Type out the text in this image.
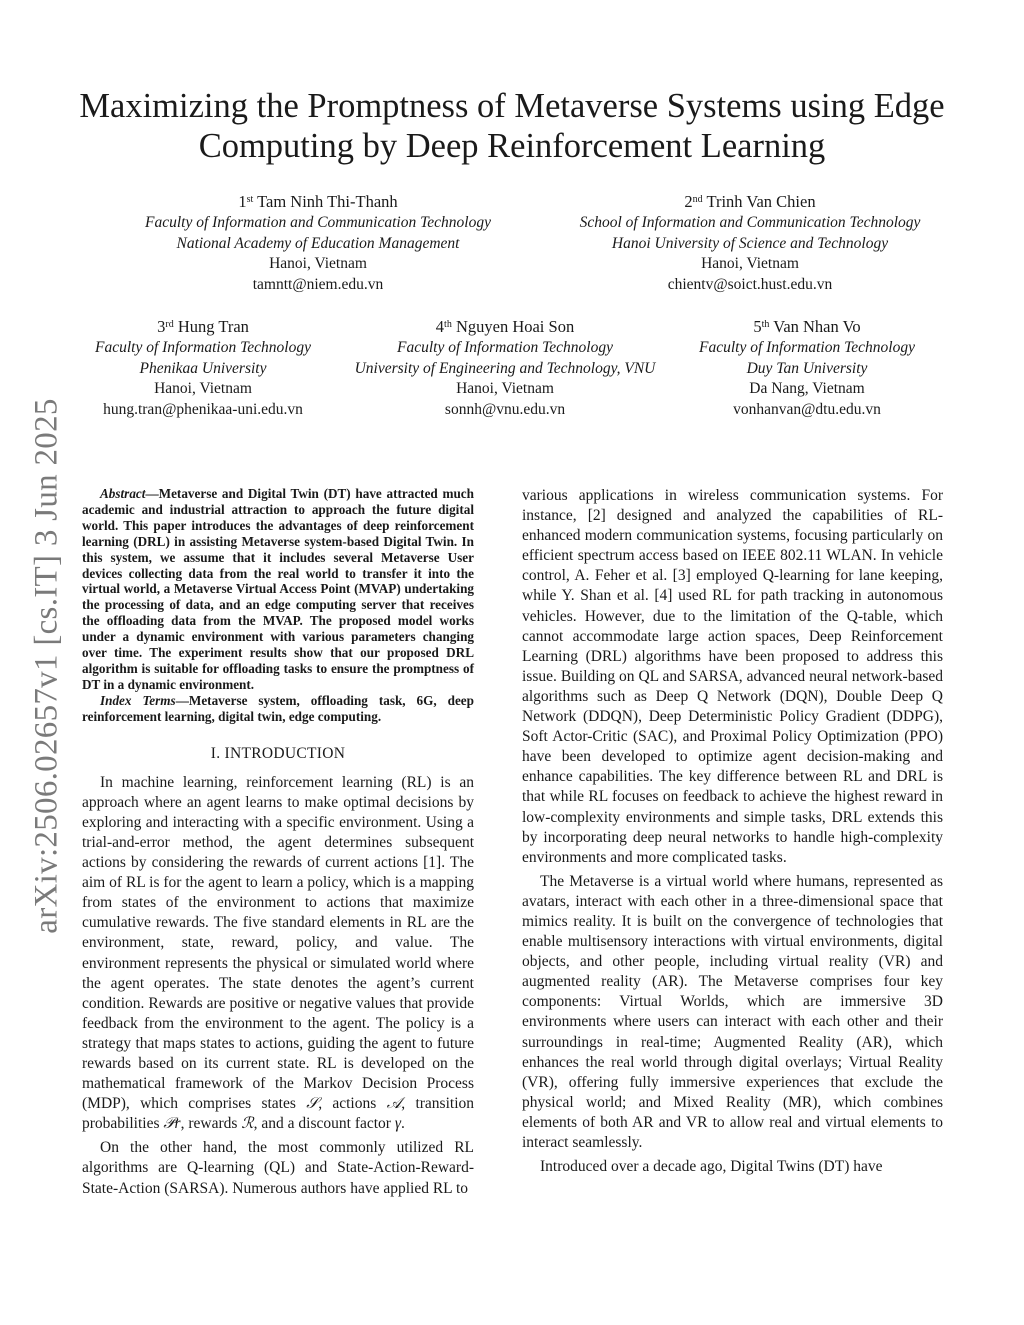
Maximizing the Promptness of Metaverse Systems using Edge Computing by Deep Reinforcement Learning
1st Tam Ninh Thi-Thanh
Faculty of Information and Communication Technology
National Academy of Education Management
Hanoi, Vietnam
tamntt@niem.edu.vn
2nd Trinh Van Chien
School of Information and Communication Technology
Hanoi University of Science and Technology
Hanoi, Vietnam
chientv@soict.hust.edu.vn
3rd Hung Tran
Faculty of Information Technology
Phenikaa University
Hanoi, Vietnam
hung.tran@phenikaa-uni.edu.vn
4th Nguyen Hoai Son
Faculty of Information Technology
University of Engineering and Technology, VNU
Hanoi, Vietnam
sonnh@vnu.edu.vn
5th Van Nhan Vo
Faculty of Information Technology
Duy Tan University
Da Nang, Vietnam
vonhanvan@dtu.edu.vn
arXiv:2506.02657v1 [cs.IT] 3 Jun 2025	Abstract—Metaverse and Digital Twin (DT) have attracted much academic and industrial attraction to approach the future digital world. This paper introduces the advantages of deep reinforcement learning (DRL) in assisting Metaverse system-based Digital Twin. In this system, we assume that it includes several Metaverse User devices collecting data from the real world to transfer it into the virtual world, a Metaverse Virtual Access Point (MVAP) undertaking the processing of data, and an edge computing server that receives the offloading data from the MVAP. The proposed model works under a dynamic environment with various parameters changing over time. The experiment results show that our proposed DRL algorithm is suitable for offloading tasks to ensure the promptness of DT in a dynamic environment.

Index Terms—Metaverse system, offloading task, 6G, deep reinforcement learning, digital twin, edge computing.

I. INTRODUCTION

In machine learning, reinforcement learning (RL) is an approach where an agent learns to make optimal decisions by exploring and interacting with a specific environment. Using a trial-and-error method, the agent determines subsequent actions by considering the rewards of current actions [1]. The aim of RL is for the agent to learn a policy, which is a mapping from states of the environment to actions that maximize cumulative rewards. The five standard elements in RL are the environment, state, reward, policy, and value. The environment represents the physical or simulated world where the agent operates. The state denotes the agent’s current condition. Rewards are positive or negative values that provide feedback from the environment to the agent. The policy is a strategy that maps states to actions, guiding the agent to future rewards based on its current state. RL is developed on the mathematical framework of the Markov Decision Process (MDP), which comprises states 𝒮, actions 𝒜, transition probabilities 𝒫r, rewards ℛ, and a discount factor γ.

On the other hand, the most commonly utilized RL algorithms are Q-learning (QL) and State-Action-Reward-State-Action (SARSA). Numerous authors have applied RL to

various applications in wireless communication systems. For instance, [2] designed and analyzed the capabilities of RL-enhanced modern communication systems, focusing particularly on efficient spectrum access based on IEEE 802.11 WLAN. In vehicle control, A. Feher et al. [3] employed Q-learning for lane keeping, while Y. Shan et al. [4] used RL for path tracking in autonomous vehicles. However, due to the limitation of the Q-table, which cannot accommodate large action spaces, Deep Reinforcement Learning (DRL) algorithms have been proposed to address this issue. Building on QL and SARSA, advanced neural network-based algorithms such as Deep Q Network (DQN), Double Deep Q Network (DDQN), Deep Deterministic Policy Gradient (DDPG), Soft Actor-Critic (SAC), and Proximal Policy Optimization (PPO) have been developed to optimize agent decision-making and enhance capabilities. The key difference between RL and DRL is that while RL focuses on feedback to achieve the highest reward in low-complexity environments and simple tasks, DRL extends this by incorporating deep neural networks to handle high-complexity environments and more complicated tasks.

The Metaverse is a virtual world where humans, represented as avatars, interact with each other in a three-dimensional space that mimics reality. It is built on the convergence of technologies that enable multisensory interactions with virtual environments, digital objects, and other people, including virtual reality (VR) and augmented reality (AR). The Metaverse comprises four key components: Virtual Worlds, which are immersive 3D environments where users can interact with each other and their surroundings in real-time; Augmented Reality (AR), which enhances the real world through digital overlays; Virtual Reality (VR), offering fully immersive experiences that exclude the physical world; and Mixed Reality (MR), which combines elements of both AR and VR to allow real and virtual elements to interact seamlessly.

Introduced over a decade ago, Digital Twins (DT) have
